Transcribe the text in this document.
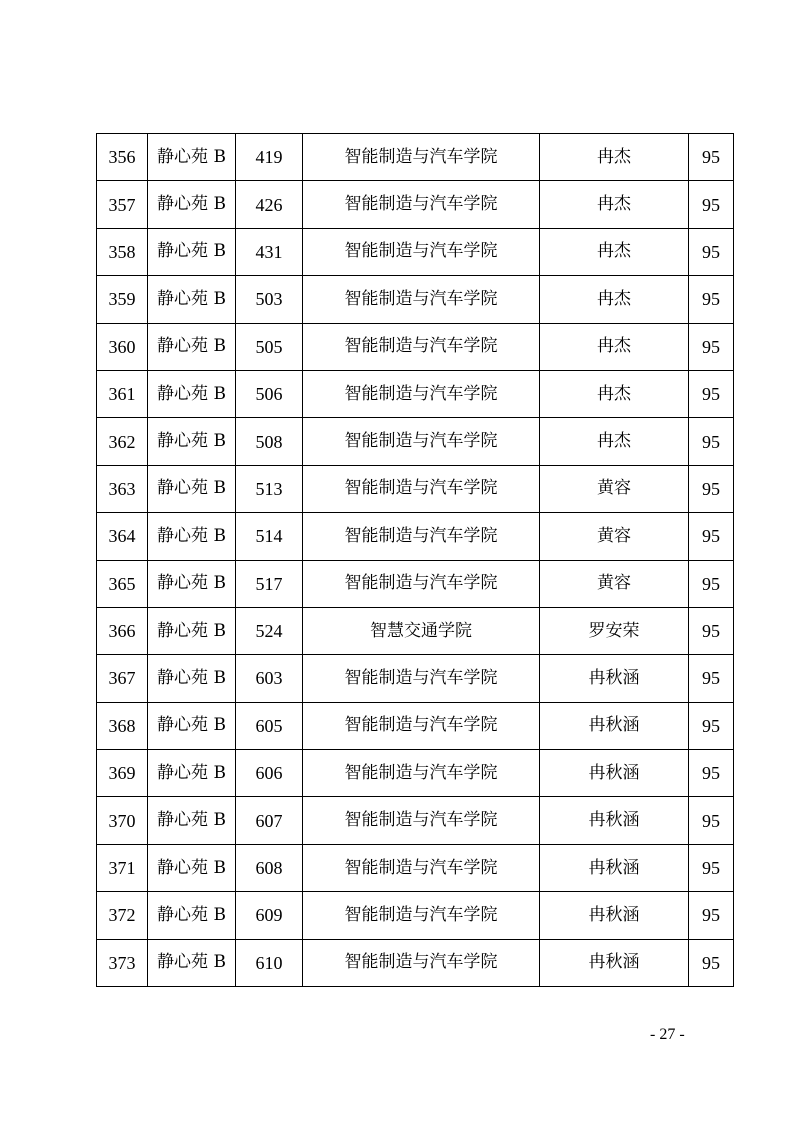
356	静心苑 B	419	智能制造与汽车学院	冉杰	95
357	静心苑 B	426	智能制造与汽车学院	冉杰	95
358	静心苑 B	431	智能制造与汽车学院	冉杰	95
359	静心苑 B	503	智能制造与汽车学院	冉杰	95
360	静心苑 B	505	智能制造与汽车学院	冉杰	95
361	静心苑 B	506	智能制造与汽车学院	冉杰	95
362	静心苑 B	508	智能制造与汽车学院	冉杰	95
363	静心苑 B	513	智能制造与汽车学院	黄容	95
364	静心苑 B	514	智能制造与汽车学院	黄容	95
365	静心苑 B	517	智能制造与汽车学院	黄容	95
366	静心苑 B	524	智慧交通学院	罗安荣	95
367	静心苑 B	603	智能制造与汽车学院	冉秋涵	95
368	静心苑 B	605	智能制造与汽车学院	冉秋涵	95
369	静心苑 B	606	智能制造与汽车学院	冉秋涵	95
370	静心苑 B	607	智能制造与汽车学院	冉秋涵	95
371	静心苑 B	608	智能制造与汽车学院	冉秋涵	95
372	静心苑 B	609	智能制造与汽车学院	冉秋涵	95
373	静心苑 B	610	智能制造与汽车学院	冉秋涵	95
- 27 -
